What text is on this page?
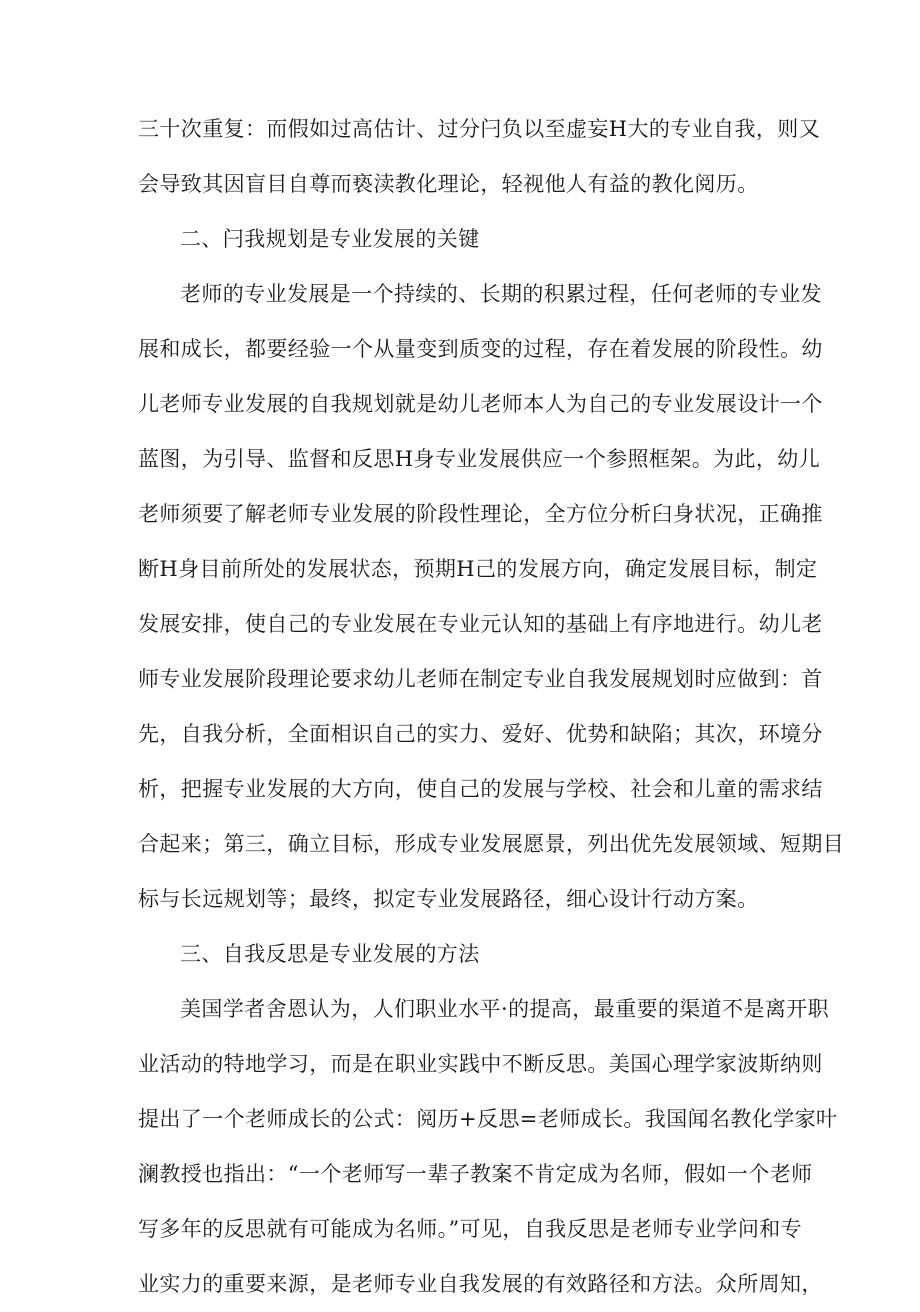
三十次重复：而假如过高估计、过分闩负以至虚妄H大的专业自我，则又
会导致其因盲目自尊而亵渎教化理论，轻视他人有益的教化阅历。
二、闩我规划是专业发展的关键
老师的专业发展是一个持续的、长期的积累过程，任何老师的专业发
展和成长，都要经验一个从量变到质变的过程，存在着发展的阶段性。幼
儿老师专业发展的自我规划就是幼儿老师本人为自己的专业发展设计一个
蓝图，为引导、监督和反思H身专业发展供应一个参照框架。为此，幼儿
老师须要了解老师专业发展的阶段性理论，全方位分析臼身状况，正确推
断H身目前所处的发展状态，预期H己的发展方向，确定发展目标，制定
发展安排，使自己的专业发展在专业元认知的基础上有序地进行。幼儿老
师专业发展阶段理论要求幼儿老师在制定专业自我发展规划时应做到：首
先，自我分析，全面相识自己的实力、爱好、优势和缺陷；其次，环境分
析，把握专业发展的大方向，使自己的发展与学校、社会和儿童的需求结
合起来；第三，确立目标，形成专业发展愿景，列出优先发展领域、短期目
标与长远规划等；最终，拟定专业发展路径，细心设计行动方案。
三、自我反思是专业发展的方法
美国学者舍恩认为，人们职业水平·的提高，最重要的渠道不是离开职
业活动的特地学习，而是在职业实践中不断反思。美国心理学家波斯纳则
提出了一个老师成长的公式：阅历+反思=老师成长。我国闻名教化学家叶
澜教授也指出：“一个老师写一辈子教案不肯定成为名师，假如一个老师
写多年的反思就有可能成为名师。”可见，自我反思是老师专业学问和专
业实力的重要来源，是老师专业自我发展的有效路径和方法。众所周知，
